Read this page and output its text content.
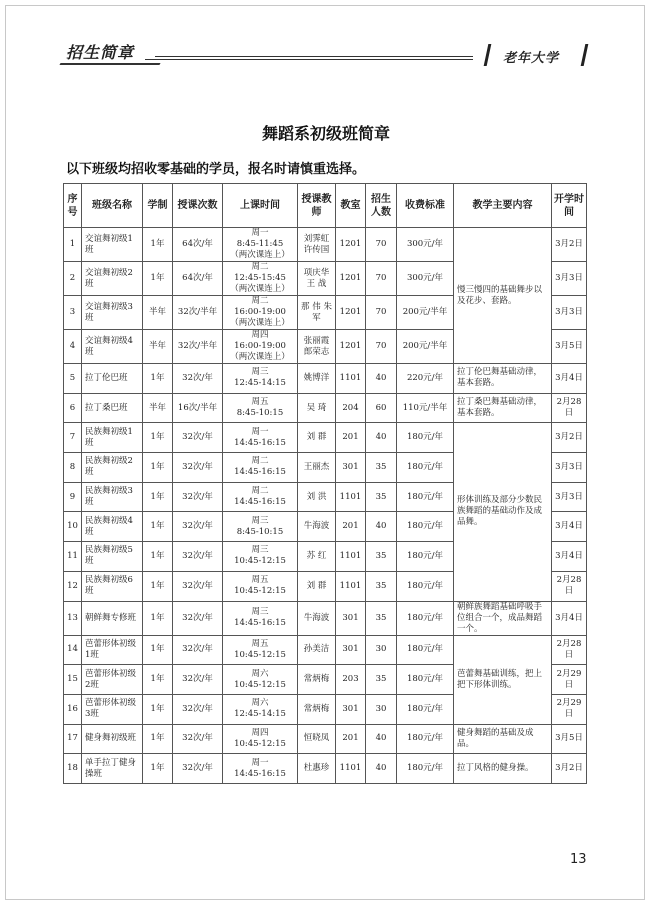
招生简章	老年大学
舞蹈系初级班简章
以下班级均招收零基础的学员，报名时请慎重选择。
序号	班级名称	学制	授课次数	上课时间	授课教师	教室	招生人数	收费标准	教学主要内容	开学时间
1	交谊舞初级1班	1年	64次/年	周一
8:45-11:45
（两次课连上）	刘霁虹 许传国	1201	70	300元/年	慢三慢四的基础舞步以及花步、套路。	3月2日
2	交谊舞初级2班	1年	64次/年	周二
12:45-15:45
（两次课连上）	项庆华 王 战	1201	70	300元/年		3月3日
3	交谊舞初级3班	半年	32次/半年	周二
16:00-19:00
（两次课连上）	那 伟 朱 军	1201	70	200元/半年		3月3日
4	交谊舞初级4班	半年	32次/半年	周四
16:00-19:00
（两次课连上）	张丽霞 郎荣志	1201	70	200元/半年		3月5日
5	拉丁伦巴班	1年	32次/年	周三
12:45-14:15	姚博洋	1101	40	220元/年	拉丁伦巴舞基础动律，基本套路。	3月4日
6	拉丁桑巴班	半年	16次/半年	周五
8:45-10:15	吴 琦	204	60	110元/半年	拉丁桑巴舞基础动律，基本套路。	2月28日
7	民族舞初级1班	1年	32次/年	周一
14:45-16:15	刘 群	201	40	180元/年	形体训练及部分少数民族舞蹈的基础动作及成品舞。	3月2日
8	民族舞初级2班	1年	32次/年	周二
14:45-16:15	王丽杰	301	35	180元/年		3月3日
9	民族舞初级3班	1年	32次/年	周二
14:45-16:15	刘 洪	1101	35	180元/年		3月3日
10	民族舞初级4班	1年	32次/年	周三
8:45-10:15	牛海波	201	40	180元/年		3月4日
11	民族舞初级5班	1年	32次/年	周三
10:45-12:15	苏 红	1101	35	180元/年		3月4日
12	民族舞初级6班	1年	32次/年	周五
10:45-12:15	刘 群	1101	35	180元/年		2月28日
13	朝鲜舞专修班	1年	32次/年	周三
14:45-16:15	牛海波	301	35	180元/年	朝鲜族舞蹈基础呼吸手位组合一个，成品舞蹈一个。	3月4日
14	芭蕾形体初级1班	1年	32次/年	周五
10:45-12:15	孙美洁	301	30	180元/年	芭蕾舞基础训练，把上把下形体训练。	2月28日
15	芭蕾形体初级2班	1年	32次/年	周六
10:45-12:15	常炳梅	203	35	180元/年		2月29日
16	芭蕾形体初级3班	1年	32次/年	周六
12:45-14:15	常炳梅	301	30	180元/年		2月29日
17	健身舞初级班	1年	32次/年	周四
10:45-12:15	恒晓凤	201	40	180元/年	健身舞蹈的基础及成品。	3月5日
18	单手拉丁健身操班	1年	32次/年	周一
14:45-16:15	杜惠珍	1101	40	180元/年	拉丁风格的健身操。	3月2日
13
